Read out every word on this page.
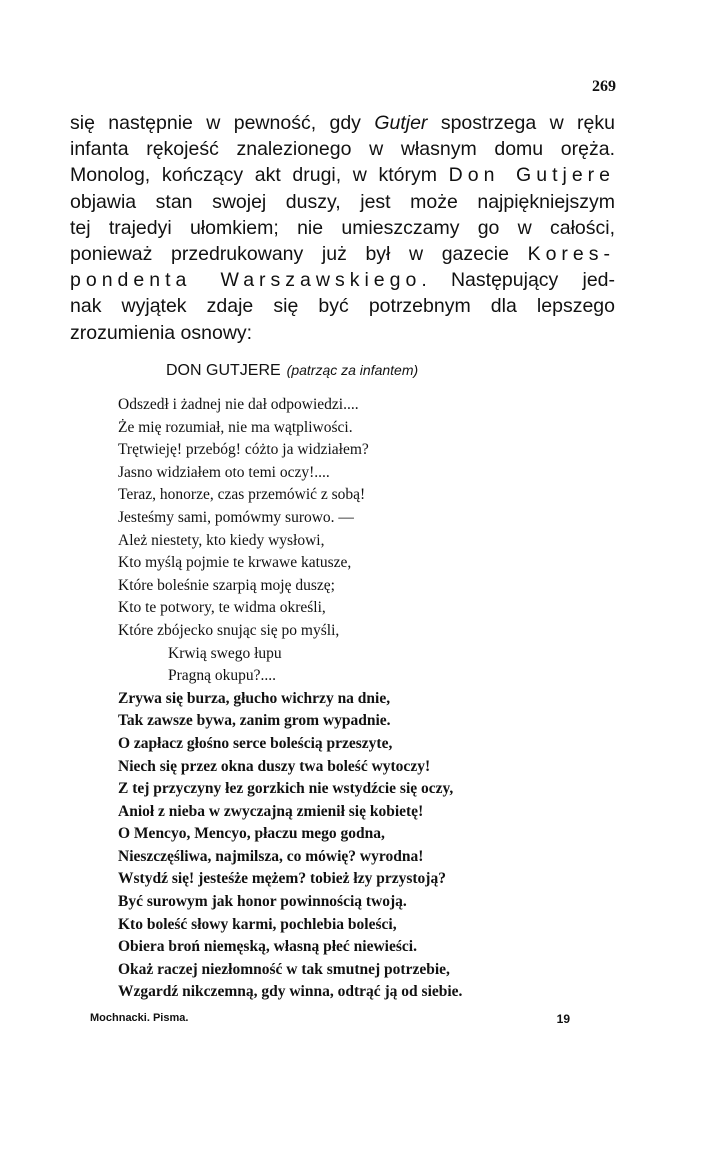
269
się następnie w pewność, gdy Gutjer spostrzega w ręku
infanta rękojeść znalezionego w własnym domu oręża.
Monolog, kończący akt drugi, w którym Don Gutjere
objawia stan swojej duszy, jest może najpiękniejszym
tej trajedyi ułomkiem; nie umieszczamy go w całości,
ponieważ przedrukowany już był w gazecie Kores-
pondenta Warszawskiego. Następujący jed-
nak wyjątek zdaje się być potrzebnym dla lepszego
zrozumienia osnowy:
DON GUTJERE (patrząc za infantem)
Odszedł i żadnej nie dał odpowiedzi....
Że mię rozumiał, nie ma wątpliwości.
Trętwieję! przebóg! cóżto ja widziałem?
Jasno widziałem oto temi oczy!....
Teraz, honorze, czas przemówić z sobą!
Jesteśmy sami, pomówmy surowo. —
Ależ niestety, kto kiedy wysłowi,
Kto myślą pojmie te krwawe katusze,
Które boleśnie szarpią moję duszę;
Kto te potwory, te widma określi,
Które zbójecko snując się po myśli,
Krwią swego łupu
Pragną okupu?....
Zrywa się burza, głucho wichrzy na dnie,
Tak zawsze bywa, zanim grom wypadnie.
O zapłacz głośno serce boleścią przeszyte,
Niech się przez okna duszy twa boleść wytoczy!
Z tej przyczyny łez gorzkich nie wstydźcie się oczy,
Anioł z nieba w zwyczajną zmienił się kobietę!
O Mencyo, Mencyo, płaczu mego godna,
Nieszczęśliwa, najmilsza, co mówię? wyrodna!
Wstydź się! jesteśże mężem? tobież łzy przystoją?
Być surowym jak honor powinnością twoją.
Kto boleść słowy karmi, pochlebia boleści,
Obiera broń niemęską, własną płeć niewieści.
Okaż raczej niezłomność w tak smutnej potrzebie,
Wzgardź nikczemną, gdy winna, odtrąć ją od siebie.
Mochnacki. Pisma.	19
